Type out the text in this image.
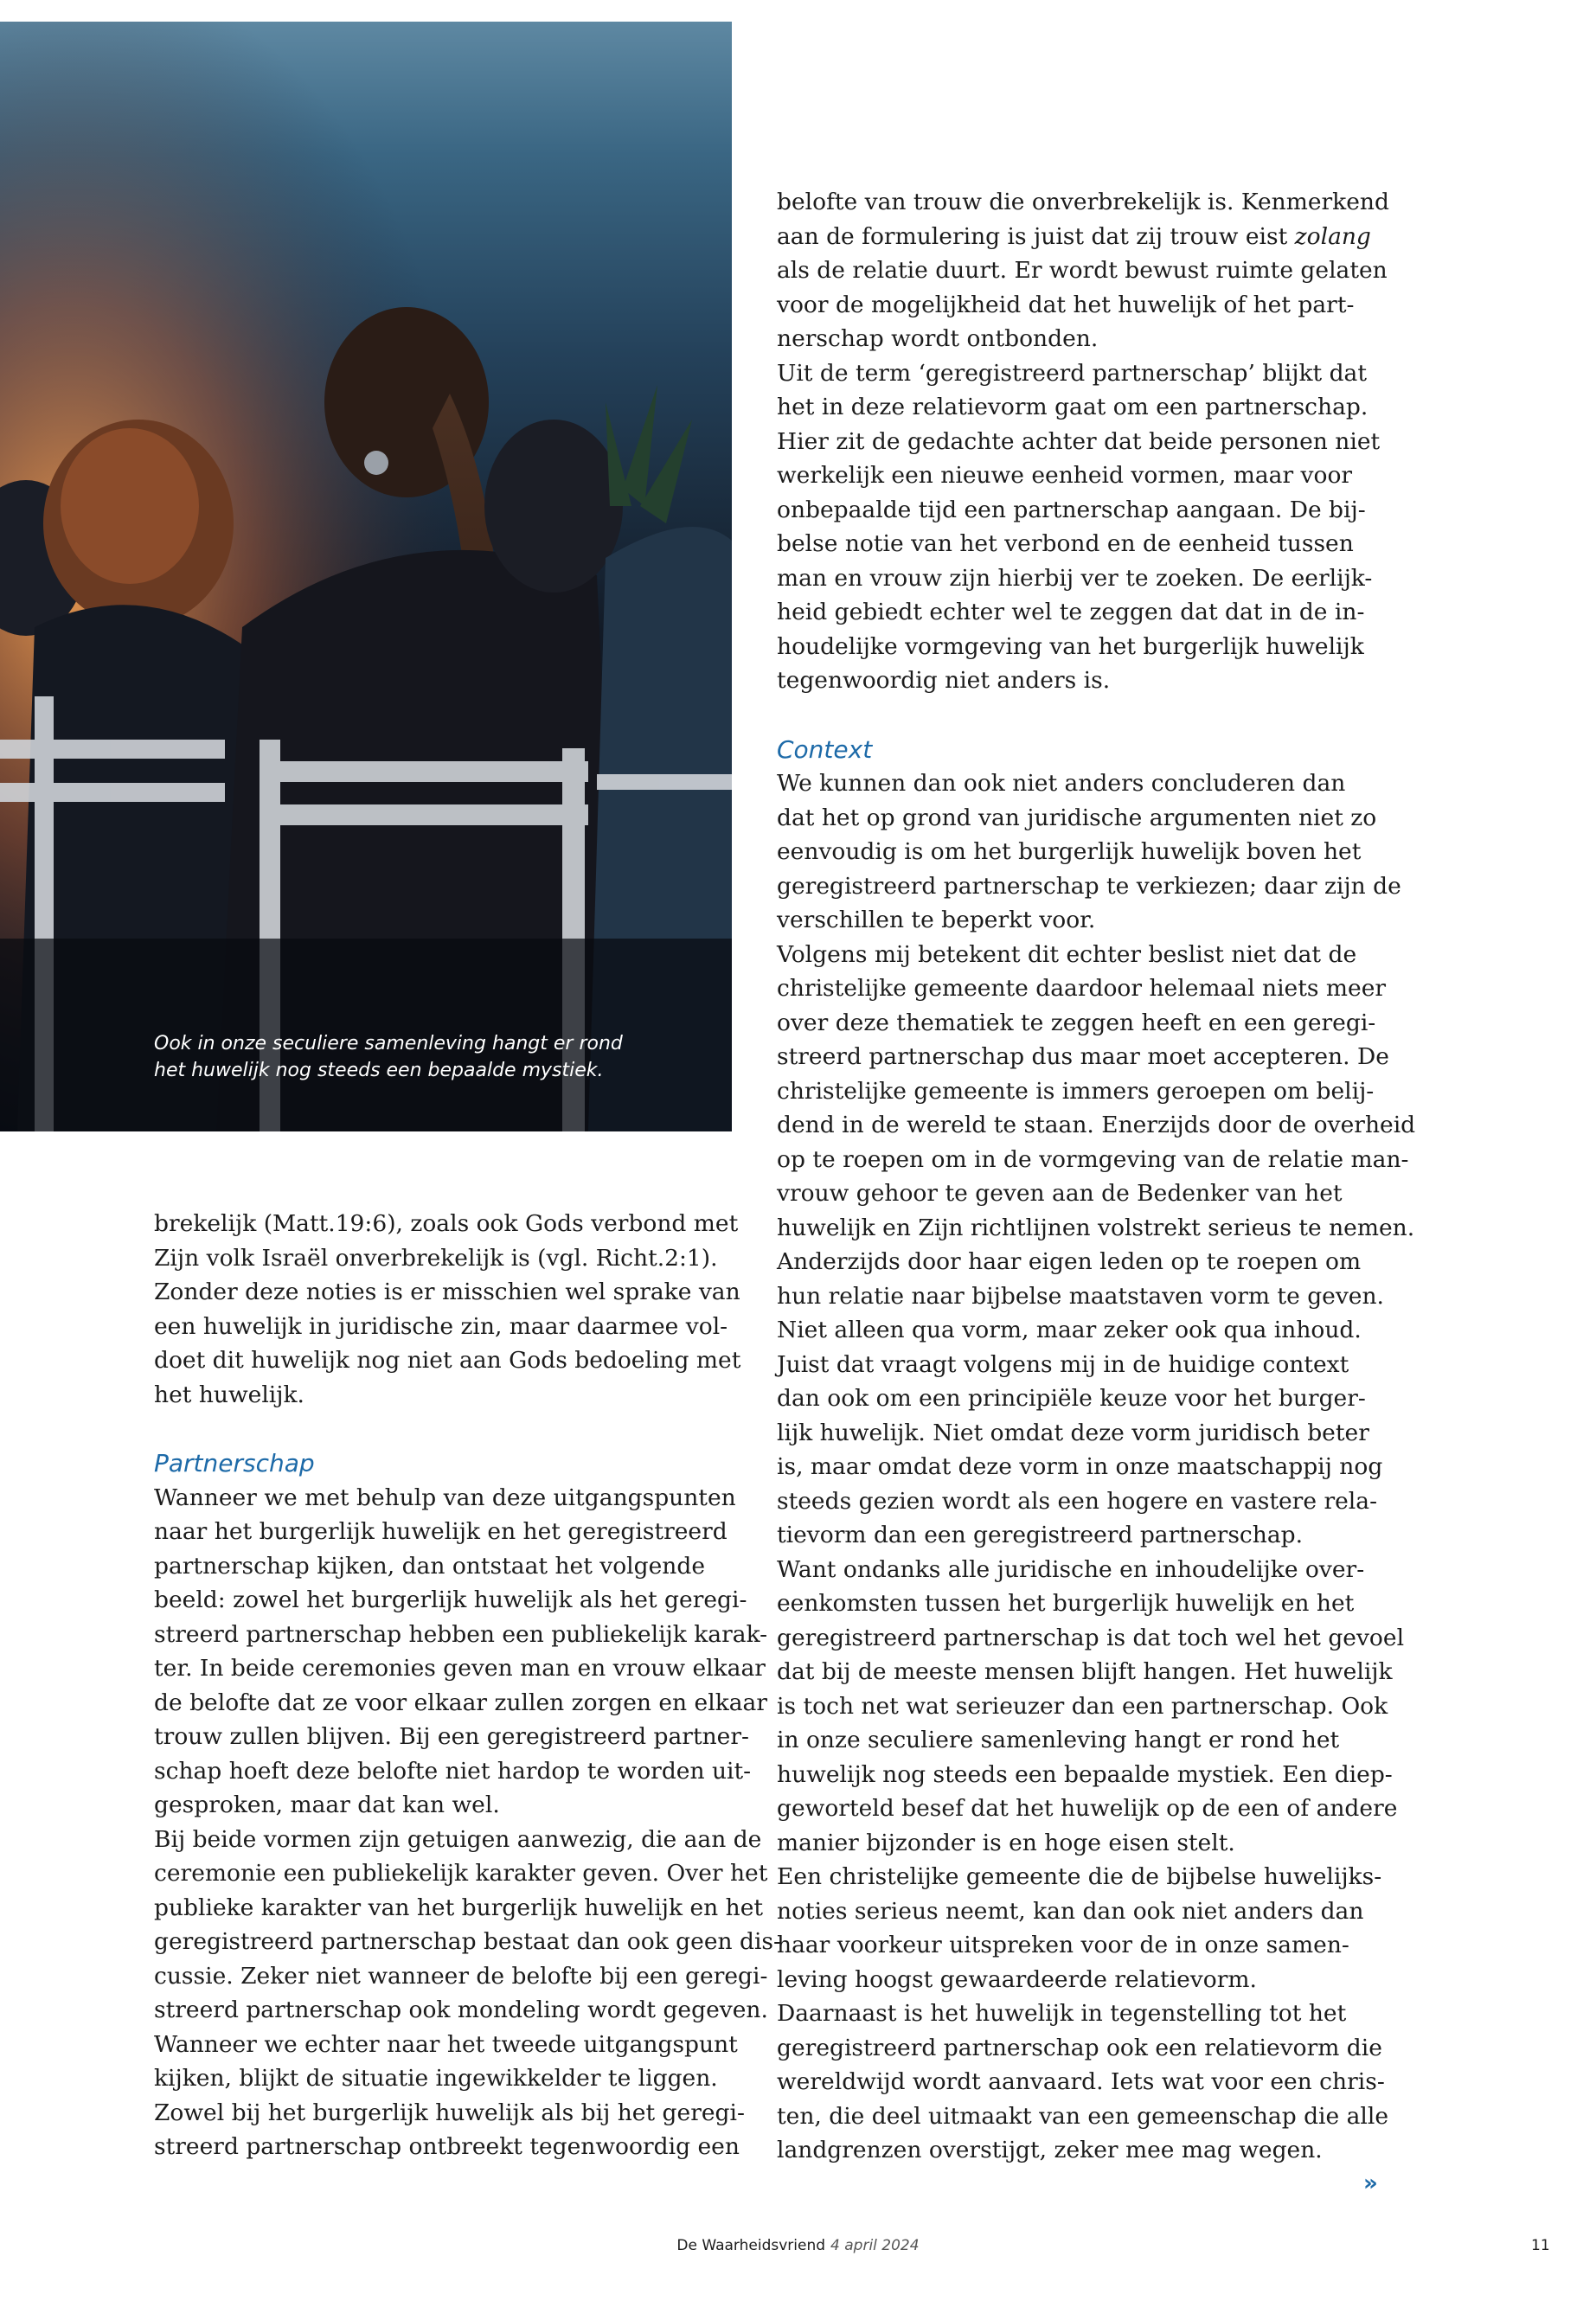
Ook in onze seculiere samenleving hangt er rond
het huwelijk nog steeds een bepaalde mystiek.

brekelijk (Matt.19:6), zoals ook Gods verbond met

Zijn volk Israël onverbrekelijk is (vgl. Richt.2:1).

Zonder deze noties is er misschien wel sprake van

een huwelijk in juridische zin, maar daarmee vol-

doet dit huwelijk nog niet aan Gods bedoeling met

het huwelijk.

Partnerschap

Wanneer we met behulp van deze uitgangspunten

naar het burgerlijk huwelijk en het geregistreerd

partnerschap kijken, dan ontstaat het volgende

beeld: zowel het burgerlijk huwelijk als het geregi-

streerd partnerschap hebben een publiekelijk karak-

ter. In beide ceremonies geven man en vrouw elkaar

de belofte dat ze voor elkaar zullen zorgen en elkaar

trouw zullen blijven. Bij een geregistreerd partner-

schap hoeft deze belofte niet hardop te worden uit-

gesproken, maar dat kan wel.

Bij beide vormen zijn getuigen aanwezig, die aan de

ceremonie een publiekelijk karakter geven. Over het

publieke karakter van het burgerlijk huwelijk en het

geregistreerd partnerschap bestaat dan ook geen dis-

cussie. Zeker niet wanneer de belofte bij een geregi-

streerd partnerschap ook mondeling wordt gegeven.

Wanneer we echter naar het tweede uitgangspunt

kijken, blijkt de situatie ingewikkelder te liggen.

Zowel bij het burgerlijk huwelijk als bij het geregi-

streerd partnerschap ontbreekt tegenwoordig een

belofte van trouw die onverbrekelijk is. Kenmerkend

aan de formulering is juist dat zij trouw eist zolang

als de relatie duurt. Er wordt bewust ruimte gelaten

voor de mogelijkheid dat het huwelijk of het part-

nerschap wordt ontbonden.

Uit de term ‘geregistreerd partnerschap’ blijkt dat

het in deze relatievorm gaat om een partnerschap.

Hier zit de gedachte achter dat beide personen niet

werkelijk een nieuwe eenheid vormen, maar voor

onbepaalde tijd een partnerschap aangaan. De bij-

belse notie van het verbond en de eenheid tussen

man en vrouw zijn hierbij ver te zoeken. De eerlijk-

heid gebiedt echter wel te zeggen dat dat in de in-

houdelijke vormgeving van het burgerlijk huwelijk

tegenwoordig niet anders is.

Context

We kunnen dan ook niet anders concluderen dan

dat het op grond van juridische argumenten niet zo

eenvoudig is om het burgerlijk huwelijk boven het

geregistreerd partnerschap te verkiezen; daar zijn de

verschillen te beperkt voor.

Volgens mij betekent dit echter beslist niet dat de

christelijke gemeente daardoor helemaal niets meer

over deze thematiek te zeggen heeft en een geregi-

streerd partnerschap dus maar moet accepteren. De

christelijke gemeente is immers geroepen om belij-

dend in de wereld te staan. Enerzijds door de overheid

op te roepen om in de vormgeving van de relatie man-

vrouw gehoor te geven aan de Bedenker van het

huwelijk en Zijn richtlijnen volstrekt serieus te nemen.

Anderzijds door haar eigen leden op te roepen om

hun relatie naar bijbelse maatstaven vorm te geven.

Niet alleen qua vorm, maar zeker ook qua inhoud.

Juist dat vraagt volgens mij in de huidige context

dan ook om een principiële keuze voor het burger-

lijk huwelijk. Niet omdat deze vorm juridisch beter

is, maar omdat deze vorm in onze maatschappij nog

steeds gezien wordt als een hogere en vastere rela-

tievorm dan een geregistreerd partnerschap.

Want ondanks alle juridische en inhoudelijke over-

eenkomsten tussen het burgerlijk huwelijk en het

geregistreerd partnerschap is dat toch wel het gevoel

dat bij de meeste mensen blijft hangen. Het huwelijk

is toch net wat serieuzer dan een partnerschap. Ook

in onze seculiere samenleving hangt er rond het

huwelijk nog steeds een bepaalde mystiek. Een diep-

geworteld besef dat het huwelijk op de een of andere

manier bijzonder is en hoge eisen stelt.

Een christelijke gemeente die de bijbelse huwelijks-

noties serieus neemt, kan dan ook niet anders dan

haar voorkeur uitspreken voor de in onze samen-

leving hoogst gewaardeerde relatievorm.

Daarnaast is het huwelijk in tegenstelling tot het

geregistreerd partnerschap ook een relatievorm die

wereldwijd wordt aanvaard. Iets wat voor een chris-

ten, die deel uitmaakt van een gemeenschap die alle

landgrenzen overstijgt, zeker mee mag wegen.

»
De Waarheidsvriend 4 april 2024	11
